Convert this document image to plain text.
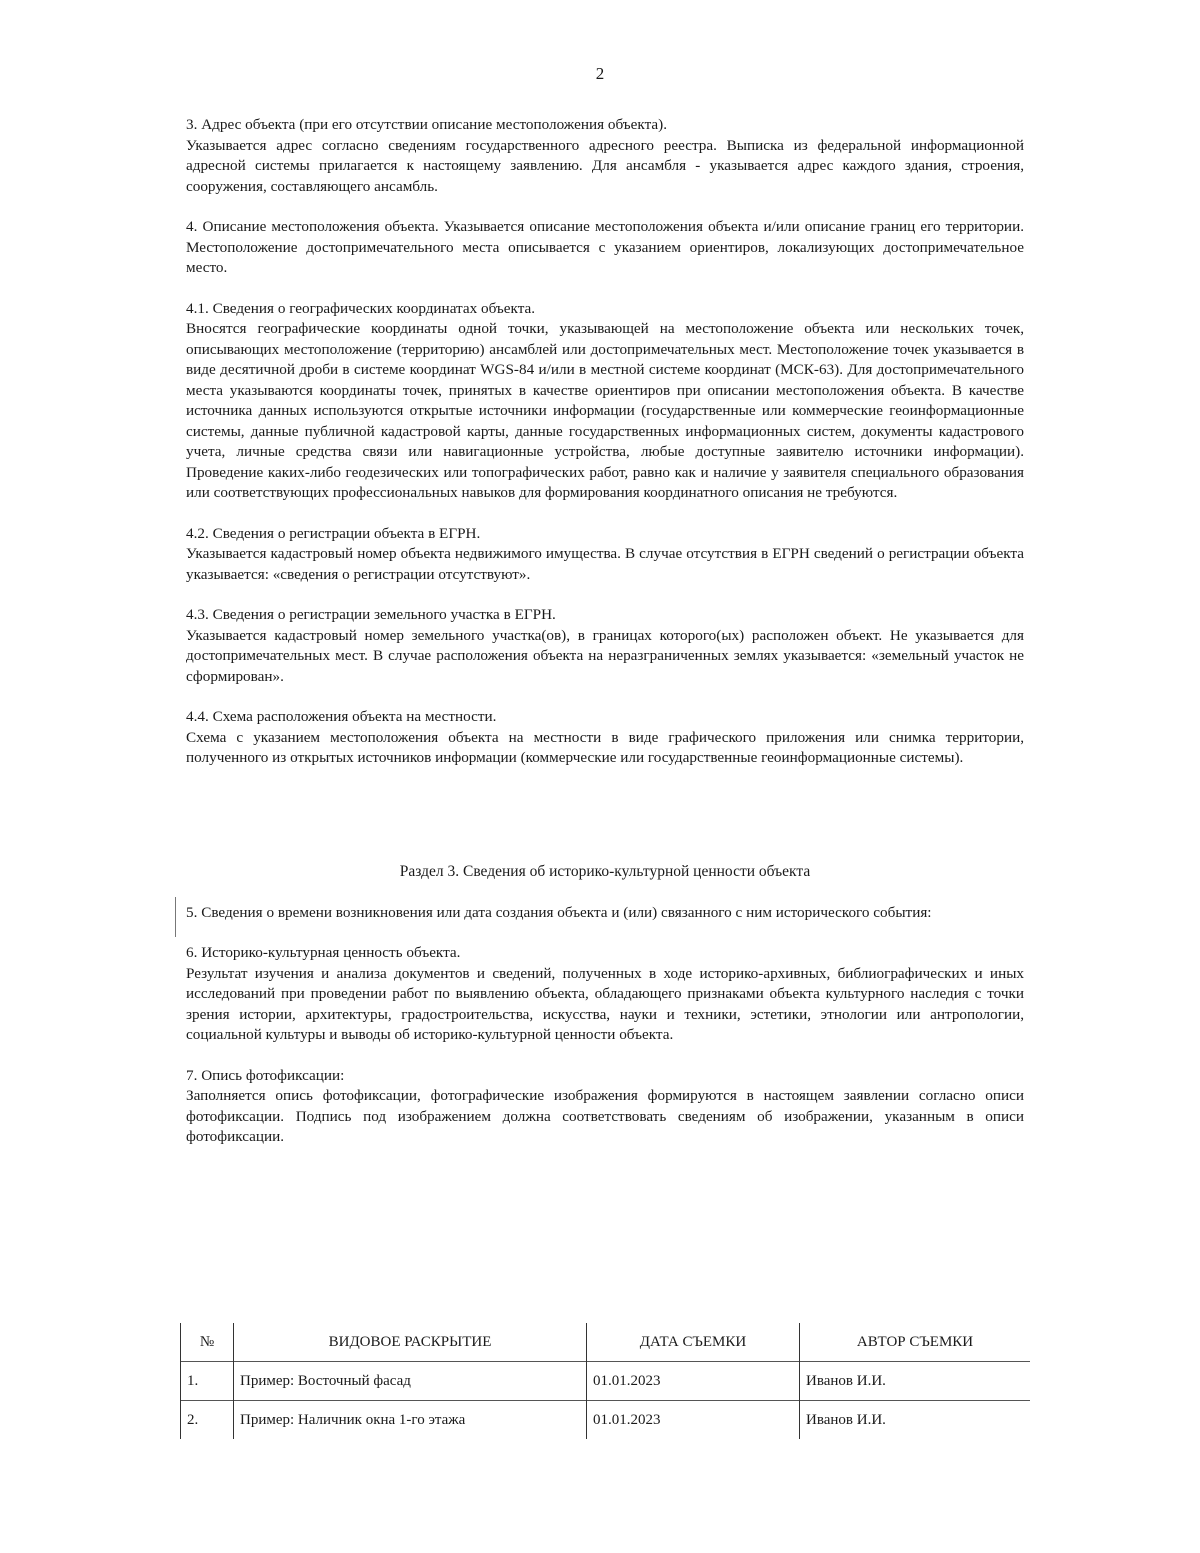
2
3. Адрес объекта (при его отсутствии описание местоположения объекта).
Указывается адрес согласно сведениям государственного адресного реестра. Выписка из федеральной информационной адресной системы прилагается к настоящему заявлению. Для ансамбля - указывается адрес каждого здания, строения, сооружения, составляющего ансамбль.
4. Описание местоположения объекта. Указывается описание местоположения объекта и/или описание границ его территории. Местоположение достопримечательного места описывается с указанием ориентиров, локализующих достопримечательное место.
4.1. Сведения о географических координатах объекта.
Вносятся географические координаты одной точки, указывающей на местоположение объекта или нескольких точек, описывающих местоположение (территорию) ансамблей или достопримечательных мест. Местоположение точек указывается в виде десятичной дроби в системе координат WGS-84 и/или в местной системе координат (МСК-63). Для достопримечательного места указываются координаты точек, принятых в качестве ориентиров при описании местоположения объекта. В качестве источника данных используются открытые источники информации (государственные или коммерческие геоинформационные системы, данные публичной кадастровой карты, данные государственных информационных систем, документы кадастрового учета, личные средства связи или навигационные устройства, любые доступные заявителю источники информации). Проведение каких-либо геодезических или топографических работ, равно как и наличие у заявителя специального образования или соответствующих профессиональных навыков для формирования координатного описания не требуются.
4.2. Сведения о регистрации объекта в ЕГРН.
Указывается кадастровый номер объекта недвижимого имущества. В случае отсутствия в ЕГРН сведений о регистрации объекта указывается: «сведения о регистрации отсутствуют».
4.3. Сведения о регистрации земельного участка в ЕГРН.
Указывается кадастровый номер земельного участка(ов), в границах которого(ых) расположен объект. Не указывается для достопримечательных мест. В случае расположения объекта на неразграниченных землях указывается: «земельный участок не сформирован».
4.4. Схема расположения объекта на местности.
Схема с указанием местоположения объекта на местности в виде графического приложения или снимка территории, полученного из открытых источников информации (коммерческие или государственные геоинформационные системы).
Раздел 3. Сведения об историко-культурной ценности объекта
5. Сведения о времени возникновения или дата создания объекта и (или) связанного с ним исторического события:
6. Историко-культурная ценность объекта.
Результат изучения и анализа документов и сведений, полученных в ходе историко-архивных, библиографических и иных исследований при проведении работ по выявлению объекта, обладающего признаками объекта культурного наследия с точки зрения истории, архитектуры, градостроительства, искусства, науки и техники, эстетики, этнологии или антропологии, социальной культуры и выводы об историко-культурной ценности объекта.
7. Опись фотофиксации:
Заполняется опись фотофиксации, фотографические изображения формируются в настоящем заявлении согласно описи фотофиксации. Подпись под изображением должна соответствовать сведениям об изображении, указанным в описи фотофиксации.
№	ВИДОВОЕ РАСКРЫТИЕ	ДАТА СЪЕМКИ	АВТОР СЪЕМКИ
1.	Пример: Восточный фасад	01.01.2023	Иванов И.И.
2.	Пример: Наличник окна 1-го этажа	01.01.2023	Иванов И.И.
